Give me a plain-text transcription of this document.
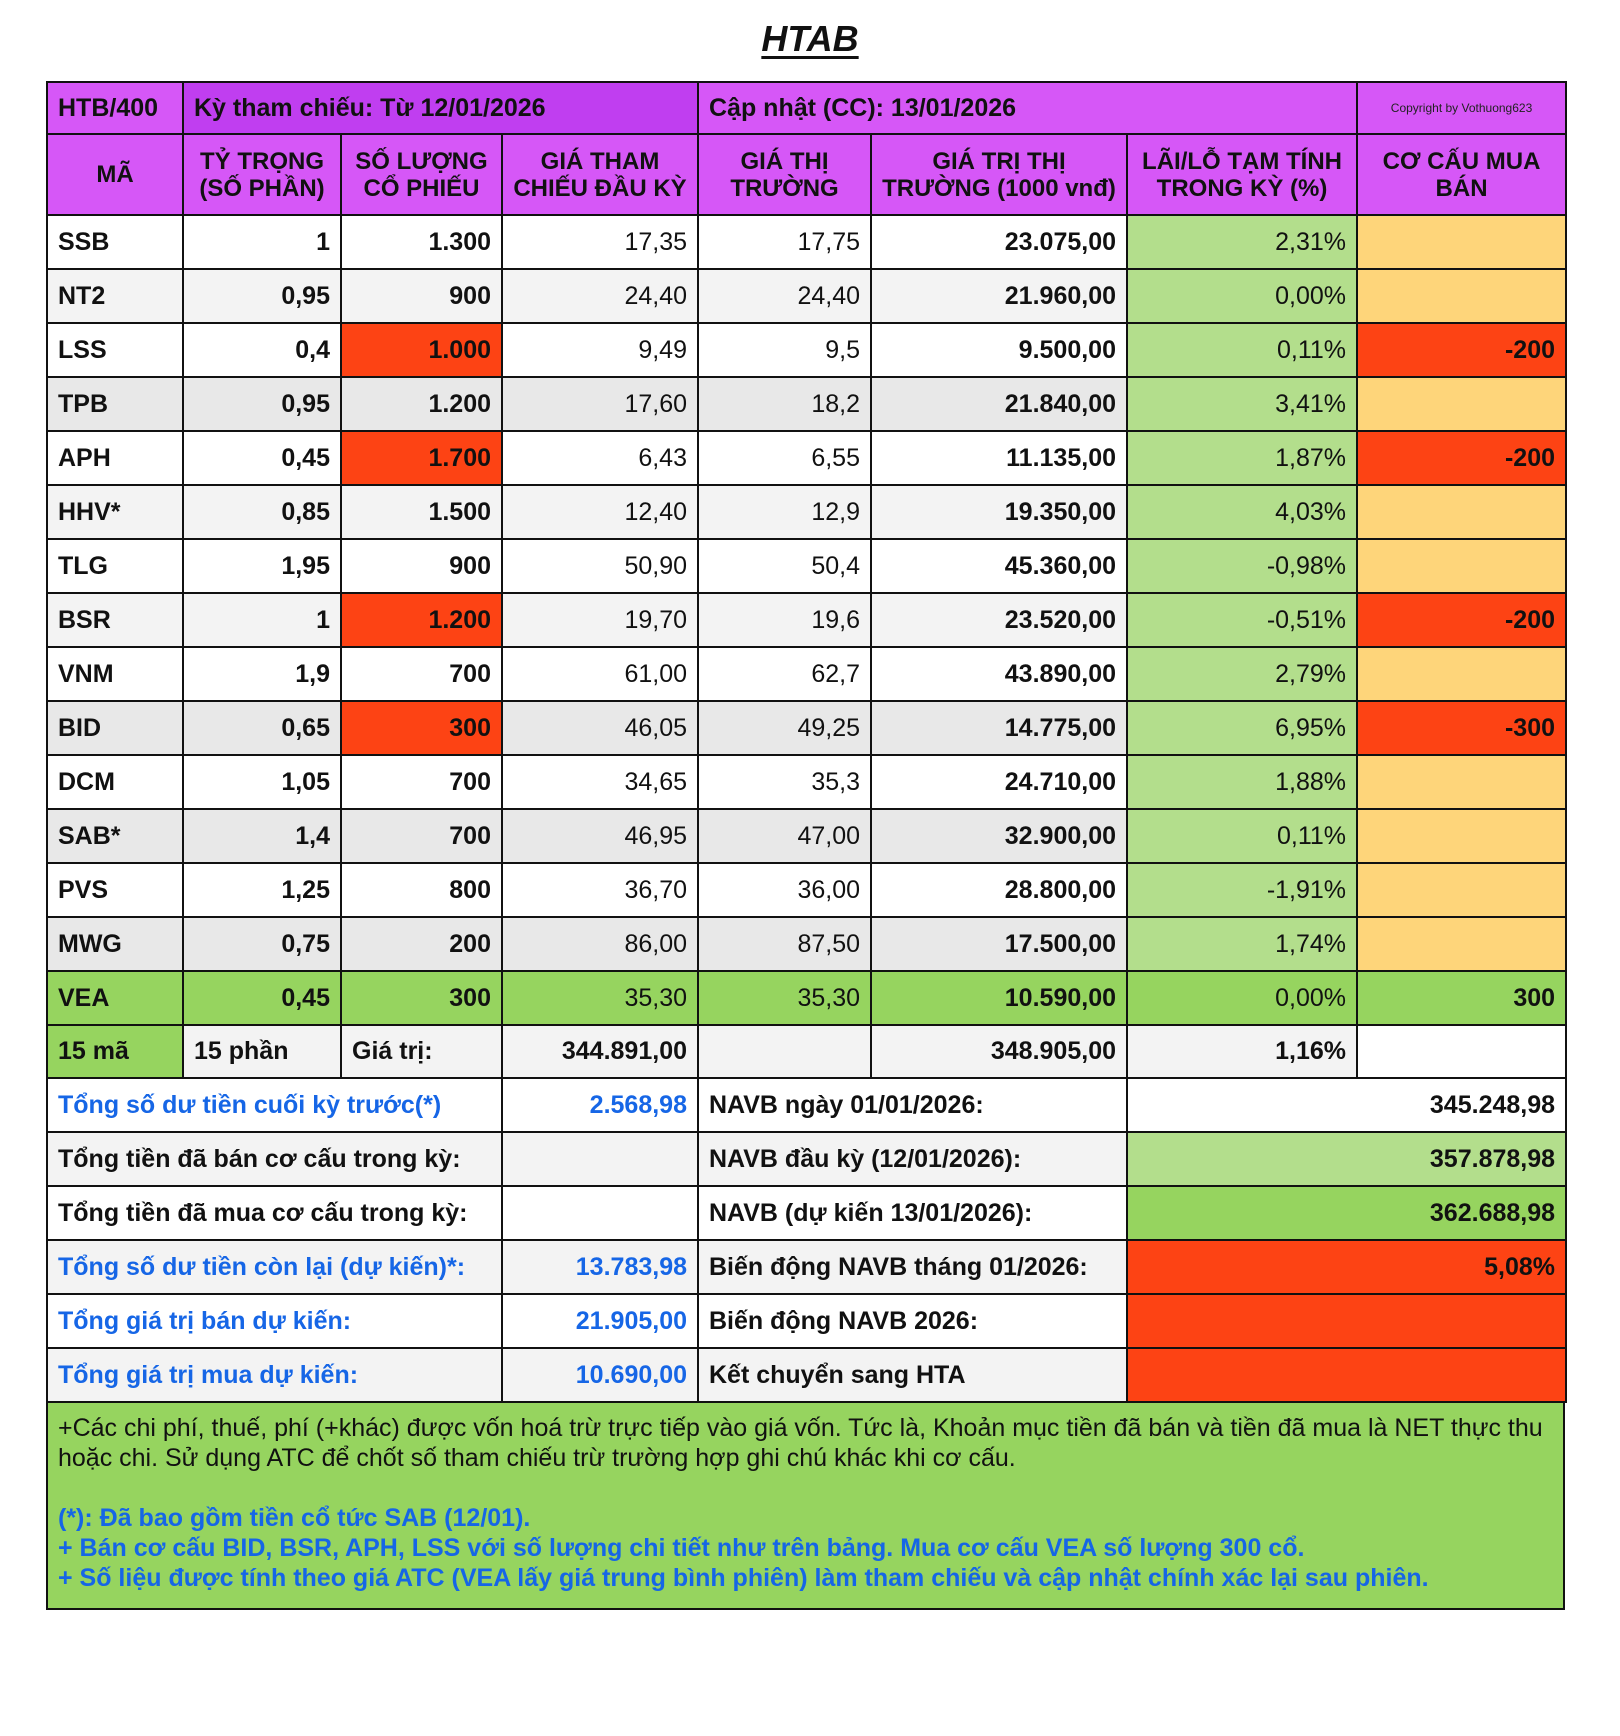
HTAB
HTB/400	Kỳ tham chiếu: Từ 12/01/2026			Cập nhật (CC): 13/01/2026			Copyright by Vothuong623
MÃ	TỶ TRỌNG (SỐ PHẦN)	SỐ LƯỢNG CỔ PHIẾU	GIÁ THAM CHIẾU ĐẦU KỲ	GIÁ THỊ TRƯỜNG	GIÁ TRỊ THỊ TRƯỜNG (1000 vnđ)	LÃI/LỖ TẠM TÍNH TRONG KỲ (%)	CƠ CẤU MUA BÁN
SSB	1	1.300	17,35	17,75	23.075,00	2,31%	
NT2	0,95	900	24,40	24,40	21.960,00	0,00%	
LSS	0,4	1.000	9,49	9,5	9.500,00	0,11%	-200
TPB	0,95	1.200	17,60	18,2	21.840,00	3,41%	
APH	0,45	1.700	6,43	6,55	11.135,00	1,87%	-200
HHV*	0,85	1.500	12,40	12,9	19.350,00	4,03%	
TLG	1,95	900	50,90	50,4	45.360,00	-0,98%	
BSR	1	1.200	19,70	19,6	23.520,00	-0,51%	-200
VNM	1,9	700	61,00	62,7	43.890,00	2,79%	
BID	0,65	300	46,05	49,25	14.775,00	6,95%	-300
DCM	1,05	700	34,65	35,3	24.710,00	1,88%	
SAB*	1,4	700	46,95	47,00	32.900,00	0,11%	
PVS	1,25	800	36,70	36,00	28.800,00	-1,91%	
MWG	0,75	200	86,00	87,50	17.500,00	1,74%	
VEA	0,45	300	35,30	35,30	10.590,00	0,00%	300
15 mã	15 phần	Giá trị:	344.891,00		348.905,00	1,16%	
Tổng số dư tiền cuối kỳ trước(*)			2.568,98	NAVB ngày 01/01/2026:		345.248,98	
Tổng tiền đã bán cơ cấu trong kỳ:				NAVB đầu kỳ (12/01/2026):		357.878,98	
Tổng tiền đã mua cơ cấu trong kỳ:				NAVB (dự kiến 13/01/2026):		362.688,98	
Tổng số dư tiền còn lại (dự kiến)*:			13.783,98	Biến động NAVB tháng 01/2026:		5,08%	
Tổng giá trị bán dự kiến:			21.905,00	Biến động NAVB 2026:			
Tổng giá trị mua dự kiến:			10.690,00	Kết chuyển sang HTA			

+Các chi phí, thuế, phí (+khác) được vốn hoá trừ trực tiếp vào giá vốn. Tức là, Khoản mục tiền đã bán và tiền đã mua là NET thực thu hoặc chi. Sử dụng ATC để chốt số tham chiếu trừ trường hợp ghi chú khác khi cơ cấu.

(*): Đã bao gồm tiền cổ tức SAB (12/01).

+ Bán cơ cấu BID, BSR, APH, LSS với số lượng chi tiết như trên bảng. Mua cơ cấu VEA số lượng 300 cổ.

+ Số liệu được tính theo giá ATC (VEA lấy giá trung bình phiên) làm tham chiếu và cập nhật chính xác lại sau phiên.
